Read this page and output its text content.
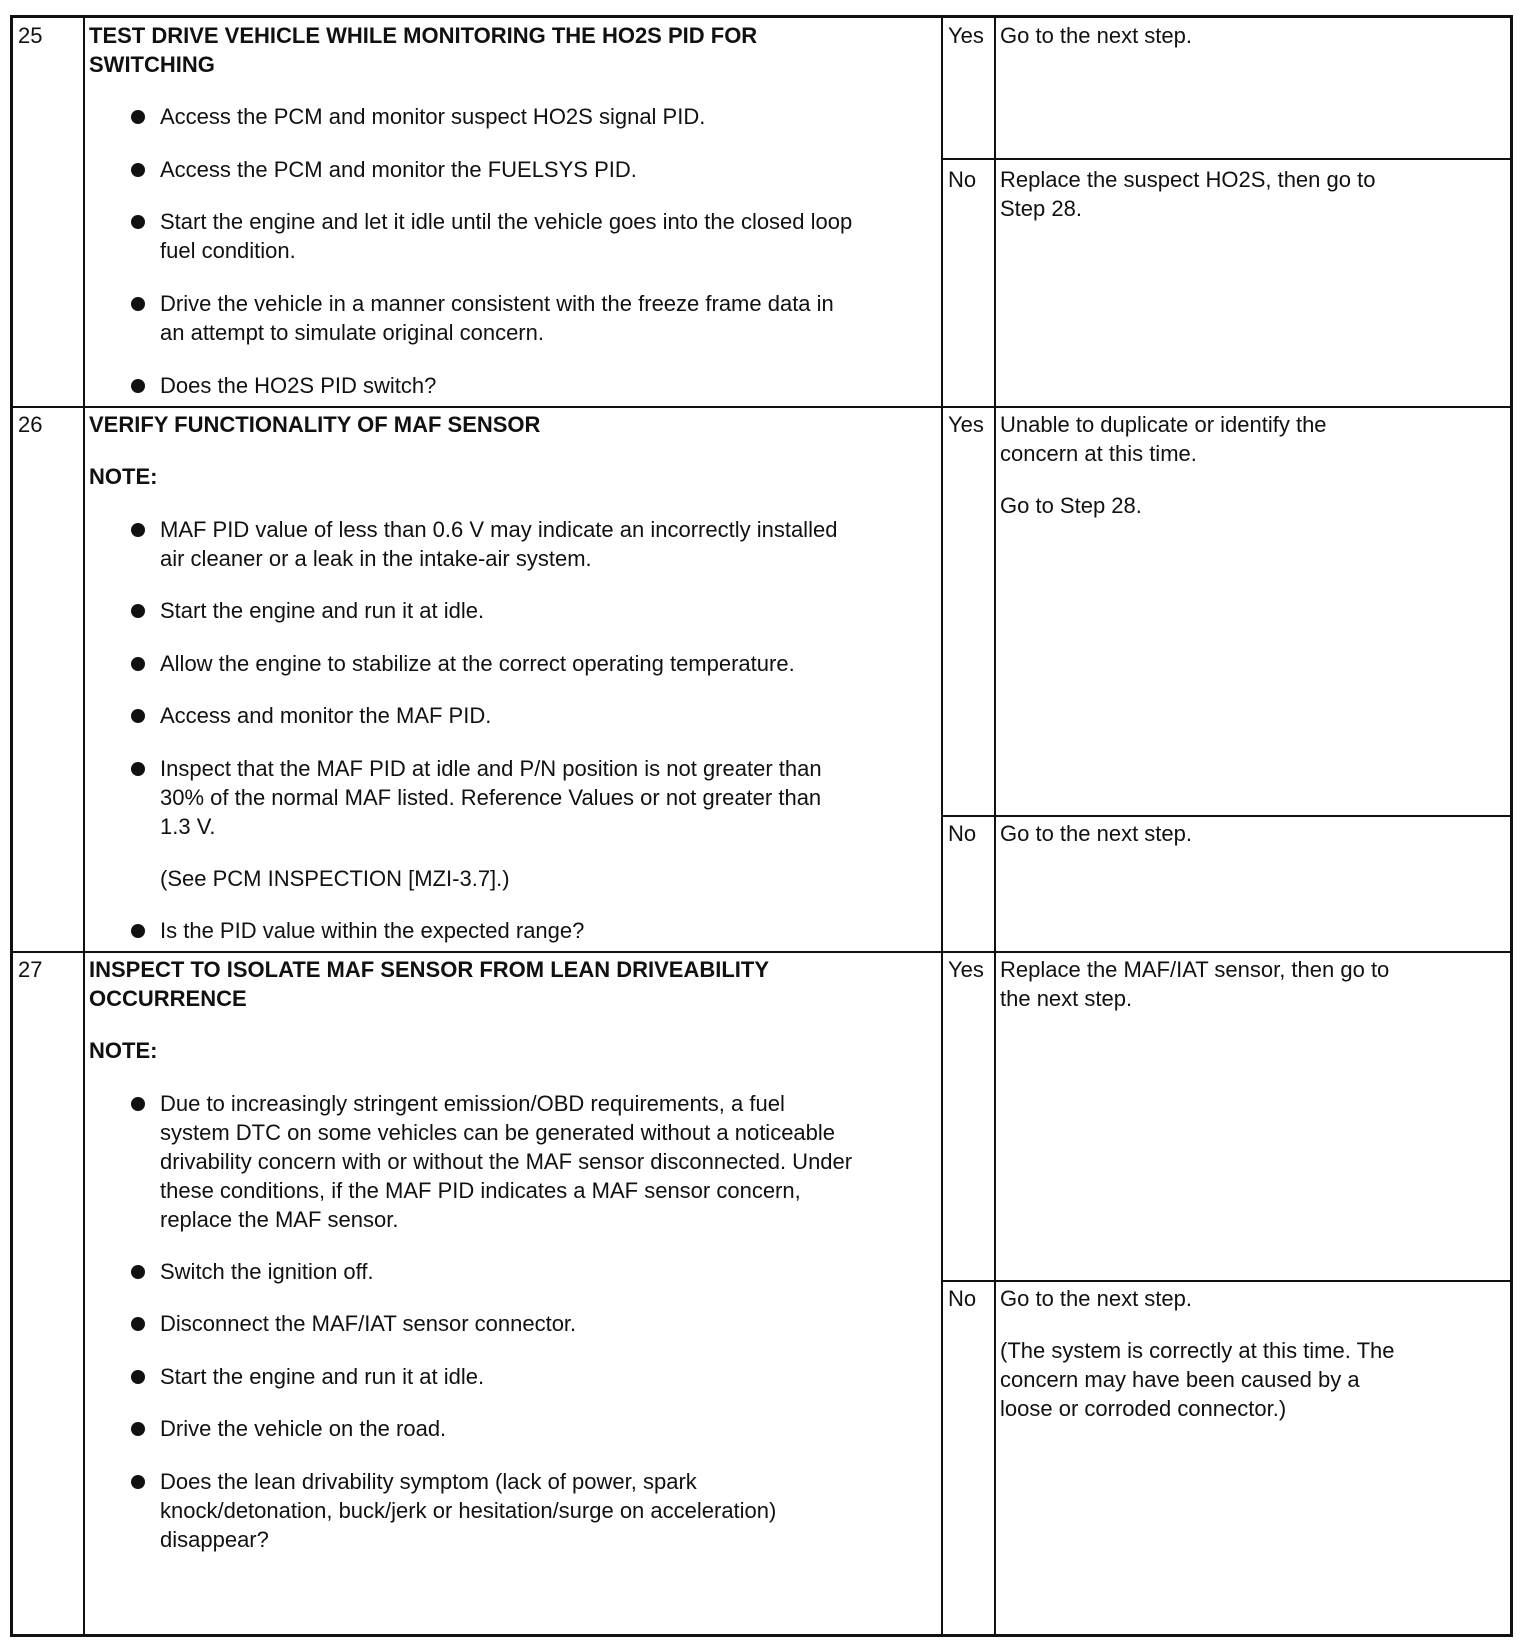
25 TEST DRIVE VEHICLE WHILE MONITORING THE HO2S PID FOR
SWITCHING
Access the PCM and monitor suspect HO2S signal PID.
Access the PCM and monitor the FUELSYS PID.
Start the engine and let it idle until the vehicle goes into the closed loop
fuel condition.
Drive the vehicle in a manner consistent with the freeze frame data in
an attempt to simulate original concern.
Does the HO2S PID switch?
Yes Go to the next step.
No Replace the suspect HO2S, then go to
Step 28.
26 VERIFY FUNCTIONALITY OF MAF SENSOR
NOTE:
MAF PID value of less than 0.6 V may indicate an incorrectly installed
air cleaner or a leak in the intake-air system.
Start the engine and run it at idle.
Allow the engine to stabilize at the correct operating temperature.
Access and monitor the MAF PID.
Inspect that the MAF PID at idle and P/N position is not greater than
30% of the normal MAF listed. Reference Values or not greater than
1.3 V.
(See PCM INSPECTION [MZI-3.7].)
Is the PID value within the expected range?
Yes Unable to duplicate or identify the
concern at this time.
Go to Step 28.
No Go to the next step.
27 INSPECT TO ISOLATE MAF SENSOR FROM LEAN DRIVEABILITY
OCCURRENCE
NOTE:
Due to increasingly stringent emission/OBD requirements, a fuel
system DTC on some vehicles can be generated without a noticeable
drivability concern with or without the MAF sensor disconnected. Under
these conditions, if the MAF PID indicates a MAF sensor concern,
replace the MAF sensor.
Switch the ignition off.
Disconnect the MAF/IAT sensor connector.
Start the engine and run it at idle.
Drive the vehicle on the road.
Does the lean drivability symptom (lack of power, spark
knock/detonation, buck/jerk or hesitation/surge on acceleration)
disappear?
Yes Replace the MAF/IAT sensor, then go to
the next step.
No Go to the next step.
(The system is correctly at this time. The
concern may have been caused by a
loose or corroded connector.)
